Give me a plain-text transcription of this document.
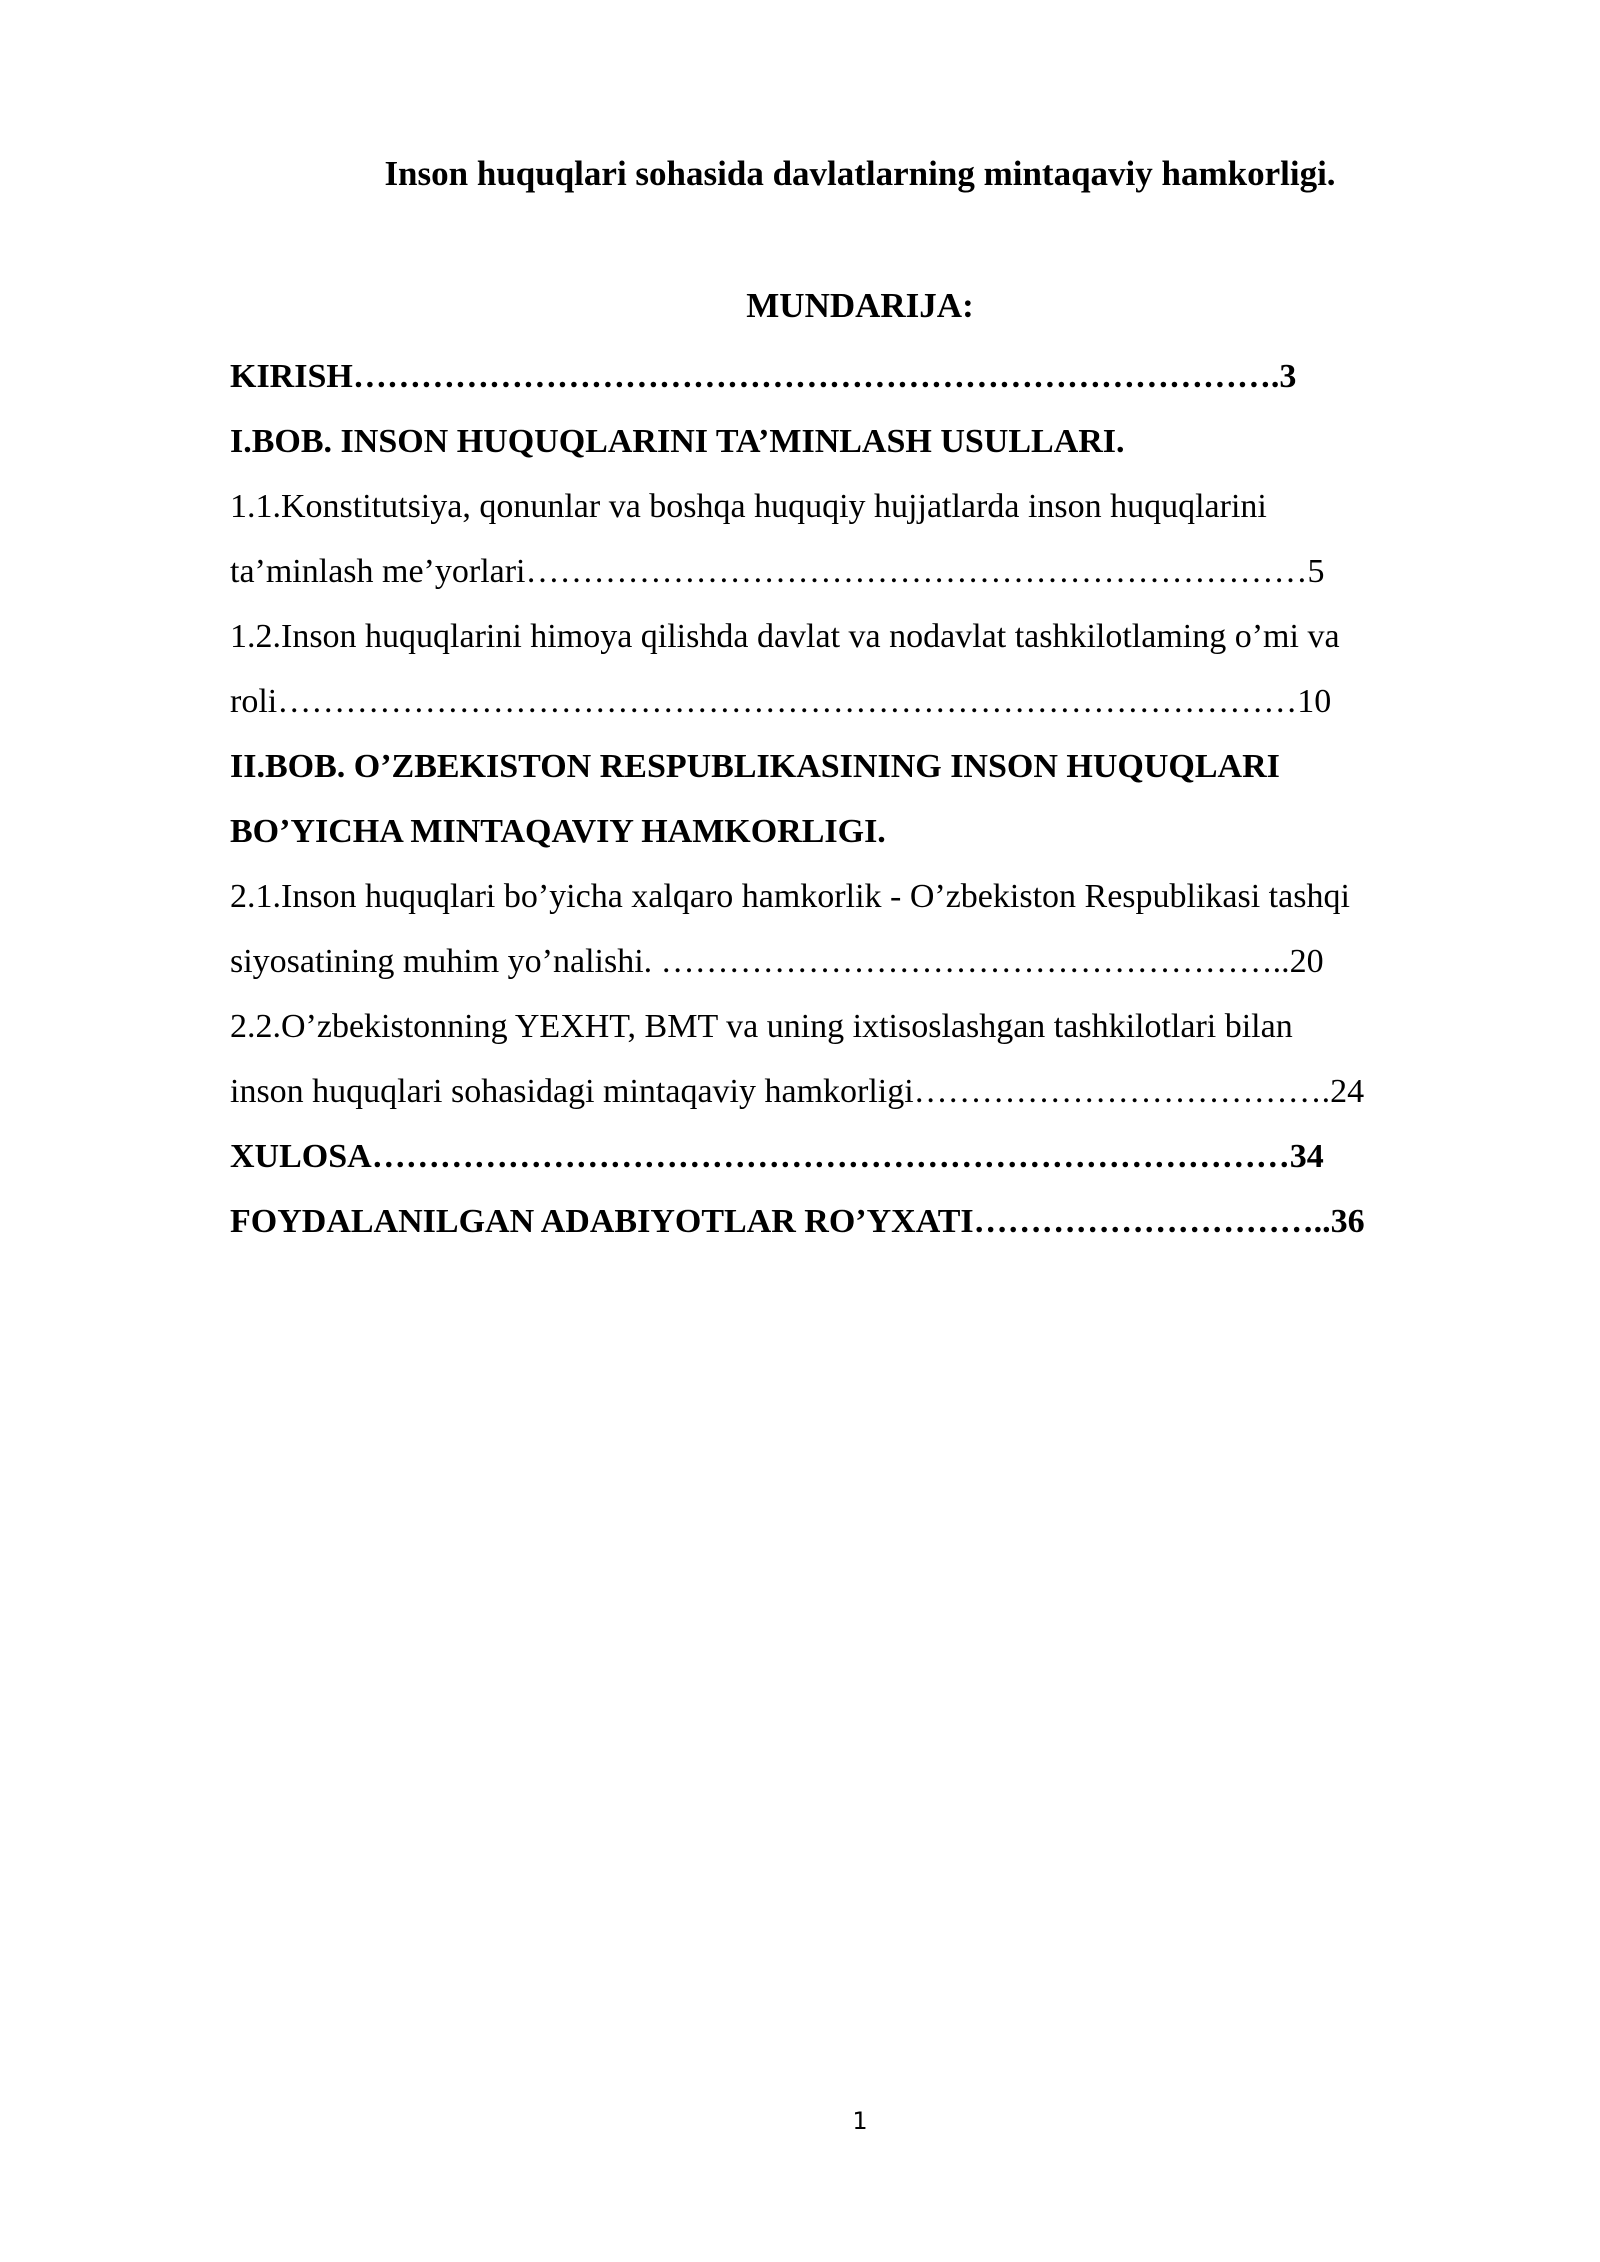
Inson huquqlari sohasida davlatlarning mintaqaviy hamkorligi.
MUNDARIJA:
KIRISH……………………………………………………………………….3
I.BOB. INSON HUQUQLARINI TA’MINLASH USULLARI.
1.1.Konstitutsiya, qonunlar va boshqa huquqiy hujjatlarda inson huquqlarini
ta’minlash me’yorlari……………………………………………………………5
1.2.Inson huquqlarini himoya qilishda davlat va nodavlat tashkilotlaming o’mi va
roli………………………………………………………………………………10
II.BOB. O’ZBEKISTON RESPUBLIKASINING INSON HUQUQLARI
BO’YICHA MINTAQAVIY HAMKORLIGI.
2.1.Inson huquqlari bo’yicha xalqaro hamkorlik - O’zbekiston Respublikasi tashqi
siyosatining muhim yo’nalishi. ………………………………………………..20
2.2.O’zbekistonning YEXHT, BMT va uning ixtisoslashgan tashkilotlari bilan
inson huquqlari sohasidagi mintaqaviy hamkorligi……………………………….24
XULOSA………………………………………………………………………34
FOYDALANILGAN ADABIYOTLAR RO’YXATI…………………………..36
1
